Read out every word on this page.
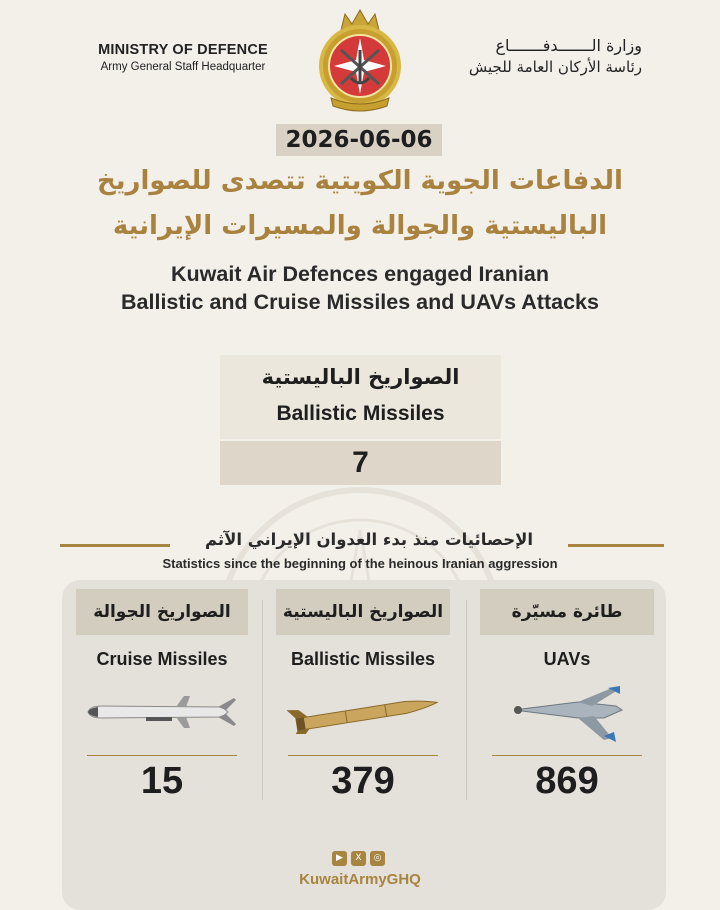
MINISTRY OF DEFENCE
Army General Staff Headquarter
وزارة الـــــــدفـــــــاع
رئاسة الأركان العامة للجيش
2026-06-06
الدفاعات الجوية الكويتية تتصدى للصواريخ
الباليستية والجوالة والمسيرات الإيرانية
Kuwait Air Defences engaged Iranian
Ballistic and Cruise Missiles and UAVs Attacks
الصواريخ الباليستية
Ballistic Missiles
7
الإحصائيات منذ بدء العدوان الإيراني الآثم
Statistics since the beginning of the heinous Iranian aggression
الصواريخ الجوالة
Cruise Missiles
15
الصواريخ الباليستية
Ballistic Missiles
379
طائرة مسيّرة
UAVs
869
▶ X ◎
KuwaitArmyGHQ
